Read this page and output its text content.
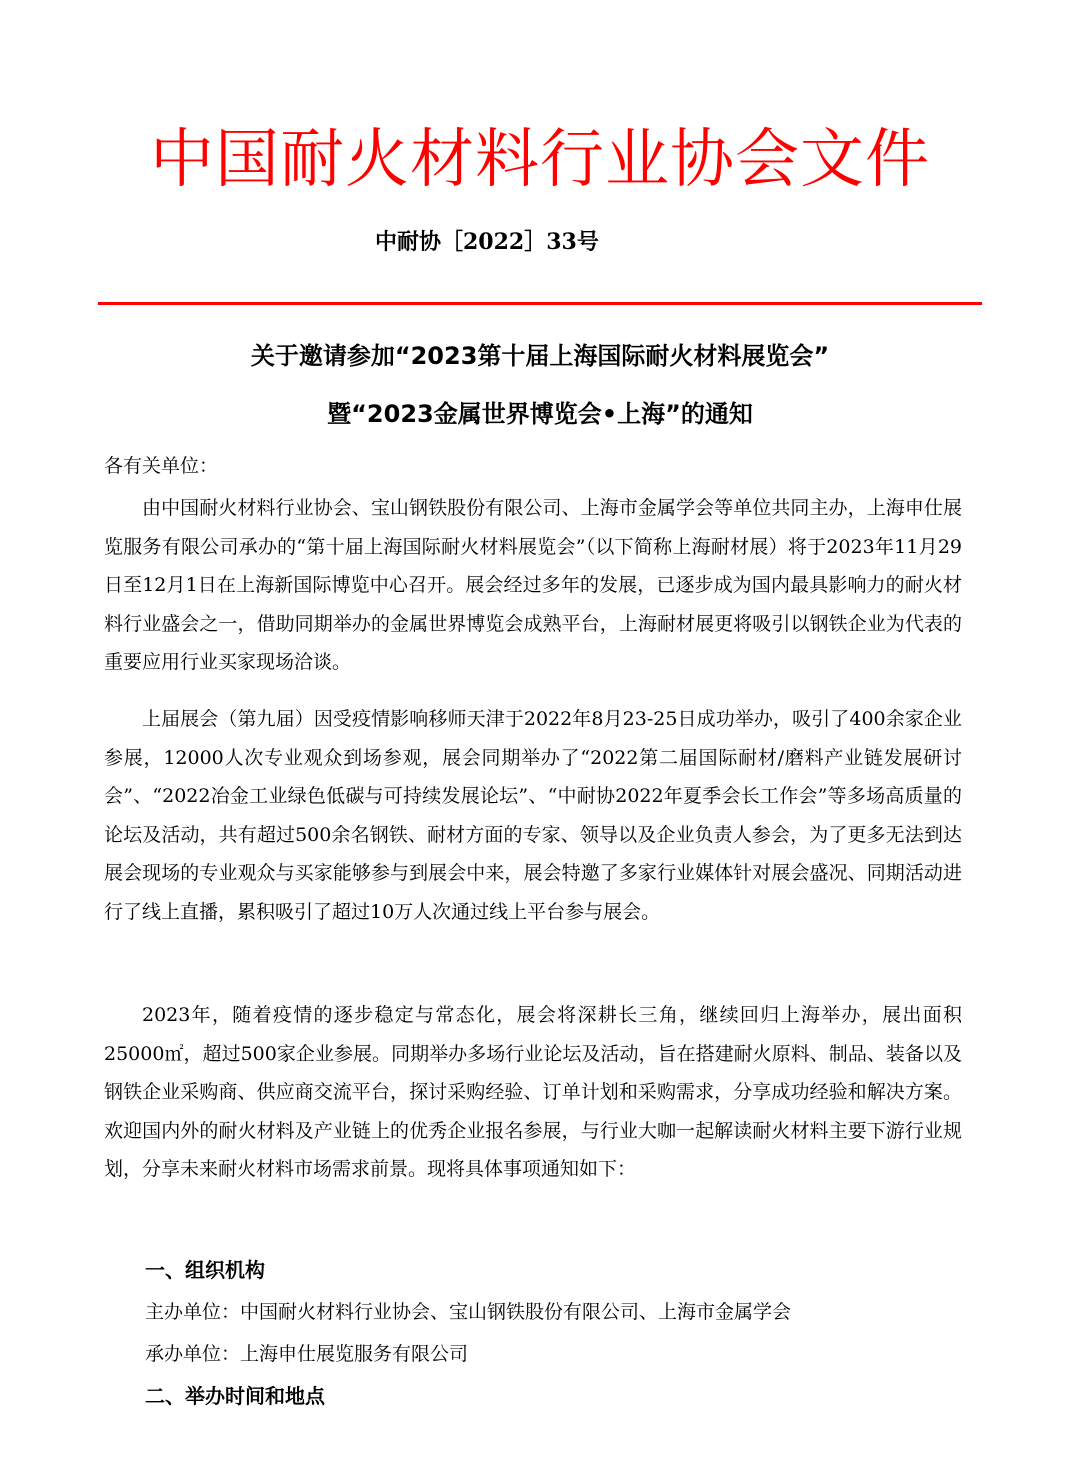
中国耐火材料行业协会文件
中耐协［2022］33号
关于邀请参加“2023第十届上海国际耐火材料展览会”
暨“2023金属世界博览会•上海”的通知
各有关单位：

由中国耐火材料行业协会、宝山钢铁股份有限公司、上海市金属学会等单位共同主办，上海申仕展览服务有限公司承办的“第十届上海国际耐火材料展览会”（以下简称上海耐材展）将于2023年11月29日至12月1日在上海新国际博览中心召开。展会经过多年的发展，已逐步成为国内最具影响力的耐火材料行业盛会之一，借助同期举办的金属世界博览会成熟平台，上海耐材展更将吸引以钢铁企业为代表的重要应用行业买家现场洽谈。

上届展会（第九届）因受疫情影响移师天津于2022年8月23-25日成功举办，吸引了400余家企业参展，12000人次专业观众到场参观，展会同期举办了“2022第二届国际耐材/磨料产业链发展研讨会”、“2022冶金工业绿色低碳与可持续发展论坛”、“中耐协2022年夏季会长工作会”等多场高质量的论坛及活动，共有超过500余名钢铁、耐材方面的专家、领导以及企业负责人参会，为了更多无法到达展会现场的专业观众与买家能够参与到展会中来，展会特邀了多家行业媒体针对展会盛况、同期活动进行了线上直播，累积吸引了超过10万人次通过线上平台参与展会。

2023年，随着疫情的逐步稳定与常态化，展会将深耕长三角，继续回归上海举办，展出面积25000㎡，超过500家企业参展。同期举办多场行业论坛及活动，旨在搭建耐火原料、制品、装备以及钢铁企业采购商、供应商交流平台，探讨采购经验、订单计划和采购需求，分享成功经验和解决方案。欢迎国内外的耐火材料及产业链上的优秀企业报名参展，与行业大咖一起解读耐火材料主要下游行业规划，分享未来耐火材料市场需求前景。现将具体事项通知如下：

一、组织机构
主办单位：中国耐火材料行业协会、宝山钢铁股份有限公司、上海市金属学会
承办单位：上海申仕展览服务有限公司
二、举办时间和地点
